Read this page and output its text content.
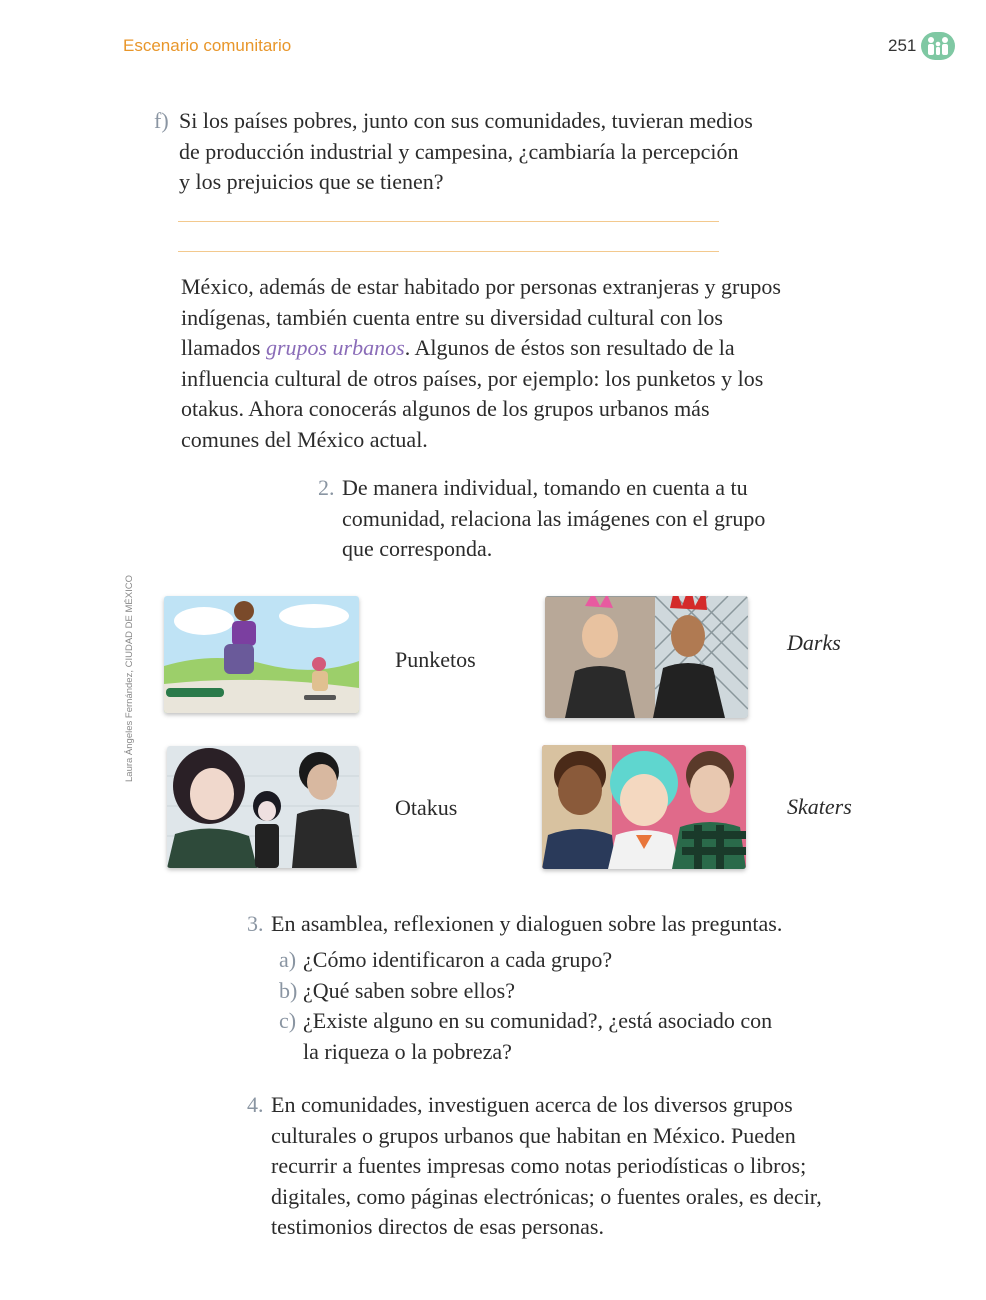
Escenario comunitario	251
f) Si los países pobres, junto con sus comunidades, tuvieran medios de producción industrial y campesina, ¿cambiaría la percepción y los prejuicios que se tienen?

México, además de estar habitado por personas extranjeras y grupos indígenas, también cuenta entre su diversidad cultural con los llamados grupos urbanos. Algunos de éstos son resultado de la influencia cultural de otros países, por ejemplo: los punketos y los otakus. Ahora conocerás algunos de los grupos urbanos más comunes del México actual.

2. De manera individual, tomando en cuenta a tu comunidad, relaciona las imágenes con el grupo que corresponda.
Laura Ángeles Fernández, CIUDAD DE MÉXICO	Punketos
Darks
Otakus	Skaters
3. En asamblea, reflexionen y dialoguen sobre las preguntas.
a) ¿Cómo identificaron a cada grupo?
b) ¿Qué saben sobre ellos?
c) ¿Existe alguno en su comunidad?, ¿está asociado con la riqueza o la pobreza?
4. En comunidades, investiguen acerca de los diversos grupos culturales o grupos urbanos que habitan en México. Pueden recurrir a fuentes impresas como notas periodísticas o libros; digitales, como páginas electrónicas; o fuentes orales, es decir, testimonios directos de esas personas.
